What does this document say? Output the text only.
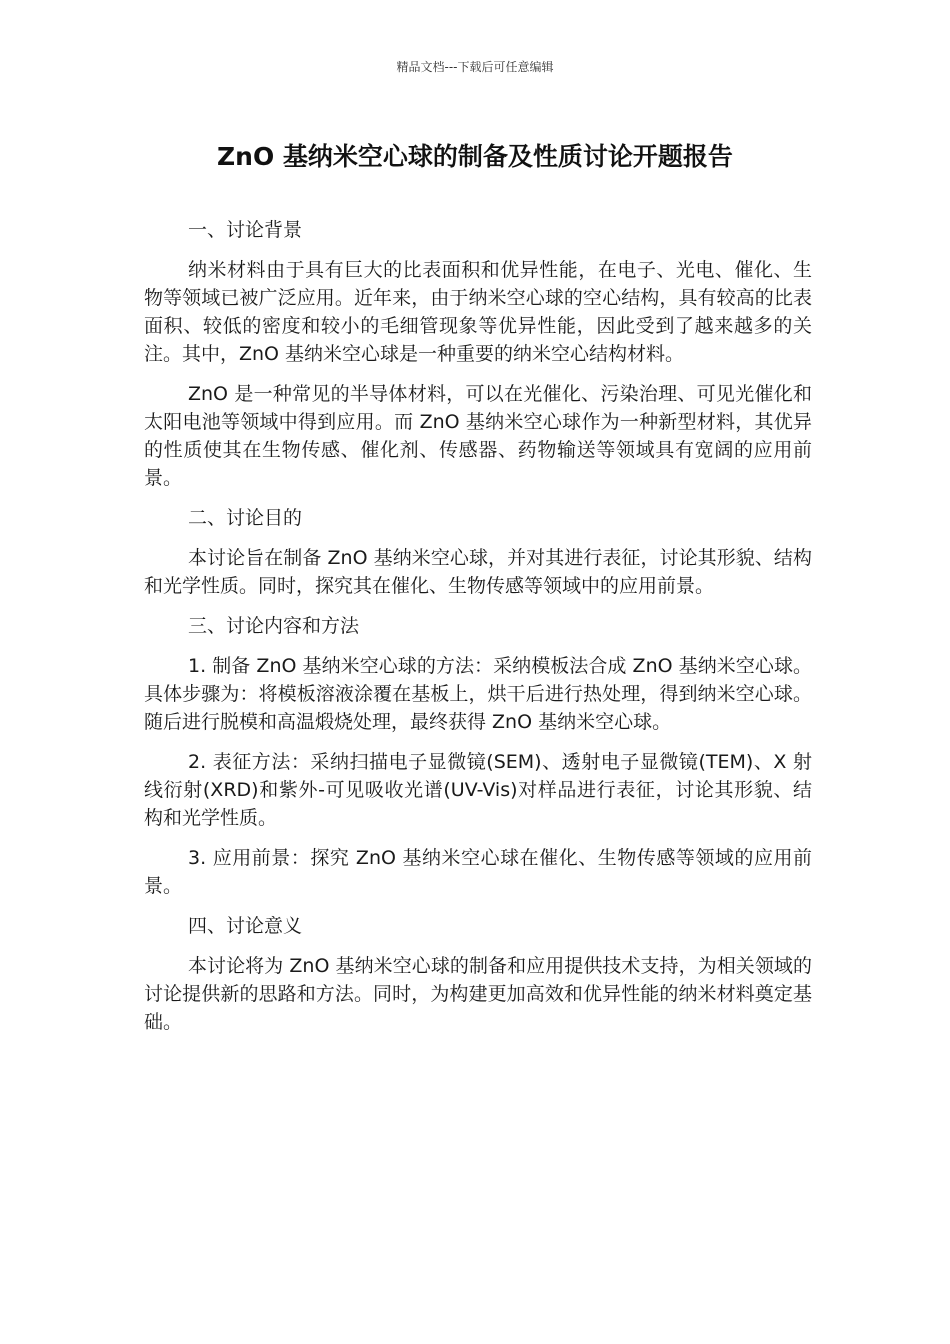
精品文档---下载后可任意编辑
ZnO 基纳米空心球的制备及性质讨论开题报告

一、讨论背景

纳米材料由于具有巨大的比表面积和优异性能，在电子、光电、催化、生物等领域已被广泛应用。近年来，由于纳米空心球的空心结构，具有较高的比表面积、较低的密度和较小的毛细管现象等优异性能，因此受到了越来越多的关注。其中，ZnO 基纳米空心球是一种重要的纳米空心结构材料。

ZnO 是一种常见的半导体材料，可以在光催化、污染治理、可见光催化和太阳电池等领域中得到应用。而 ZnO 基纳米空心球作为一种新型材料，其优异的性质使其在生物传感、催化剂、传感器、药物输送等领域具有宽阔的应用前景。

二、讨论目的

本讨论旨在制备 ZnO 基纳米空心球，并对其进行表征，讨论其形貌、结构和光学性质。同时，探究其在催化、生物传感等领域中的应用前景。

三、讨论内容和方法

1. 制备 ZnO 基纳米空心球的方法：采纳模板法合成 ZnO 基纳米空心球。具体步骤为：将模板溶液涂覆在基板上，烘干后进行热处理，得到纳米空心球。随后进行脱模和高温煅烧处理，最终获得 ZnO 基纳米空心球。

2. 表征方法：采纳扫描电子显微镜(SEM)、透射电子显微镜(TEM)、X 射线衍射(XRD)和紫外-可见吸收光谱(UV-Vis)对样品进行表征，讨论其形貌、结构和光学性质。

3. 应用前景：探究 ZnO 基纳米空心球在催化、生物传感等领域的应用前景。

四、讨论意义

本讨论将为 ZnO 基纳米空心球的制备和应用提供技术支持，为相关领域的讨论提供新的思路和方法。同时，为构建更加高效和优异性能的纳米材料奠定基础。
